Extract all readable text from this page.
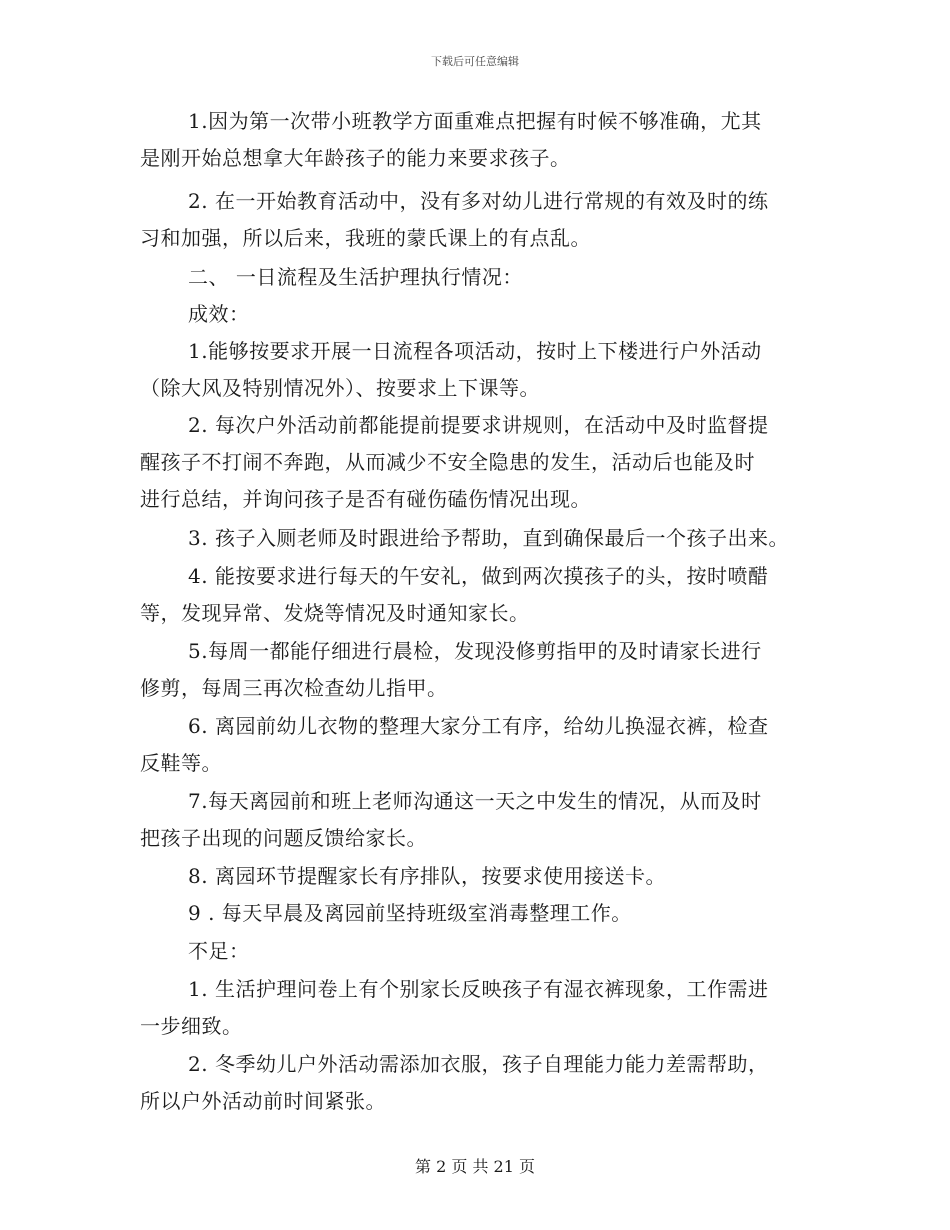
下载后可任意编辑
1.因为第一次带小班教学方面重难点把握有时候不够准确，尤其
是刚开始总想拿大年龄孩子的能力来要求孩子。
2. 在一开始教育活动中，没有多对幼儿进行常规的有效及时的练
习和加强，所以后来，我班的蒙氏课上的有点乱。
二、 一日流程及生活护理执行情况：
成效：
1.能够按要求开展一日流程各项活动，按时上下楼进行户外活动
（除大风及特别情况外）、按要求上下课等。
2. 每次户外活动前都能提前提要求讲规则，在活动中及时监督提
醒孩子不打闹不奔跑，从而减少不安全隐患的发生，活动后也能及时
进行总结，并询问孩子是否有碰伤磕伤情况出现。
3. 孩子入厕老师及时跟进给予帮助，直到确保最后一个孩子出来。
4. 能按要求进行每天的午安礼，做到两次摸孩子的头，按时喷醋
等，发现异常、发烧等情况及时通知家长。
5.每周一都能仔细进行晨检，发现没修剪指甲的及时请家长进行
修剪，每周三再次检查幼儿指甲。
6. 离园前幼儿衣物的整理大家分工有序，给幼儿换湿衣裤，检查
反鞋等。
7.每天离园前和班上老师沟通这一天之中发生的情况，从而及时
把孩子出现的问题反馈给家长。
8. 离园环节提醒家长有序排队，按要求使用接送卡。
9 . 每天早晨及离园前坚持班级室消毒整理工作。
不足：
1. 生活护理问卷上有个别家长反映孩子有湿衣裤现象，工作需进
一步细致。
2. 冬季幼儿户外活动需添加衣服，孩子自理能力能力差需帮助，
所以户外活动前时间紧张。
第 2 页 共 21 页
